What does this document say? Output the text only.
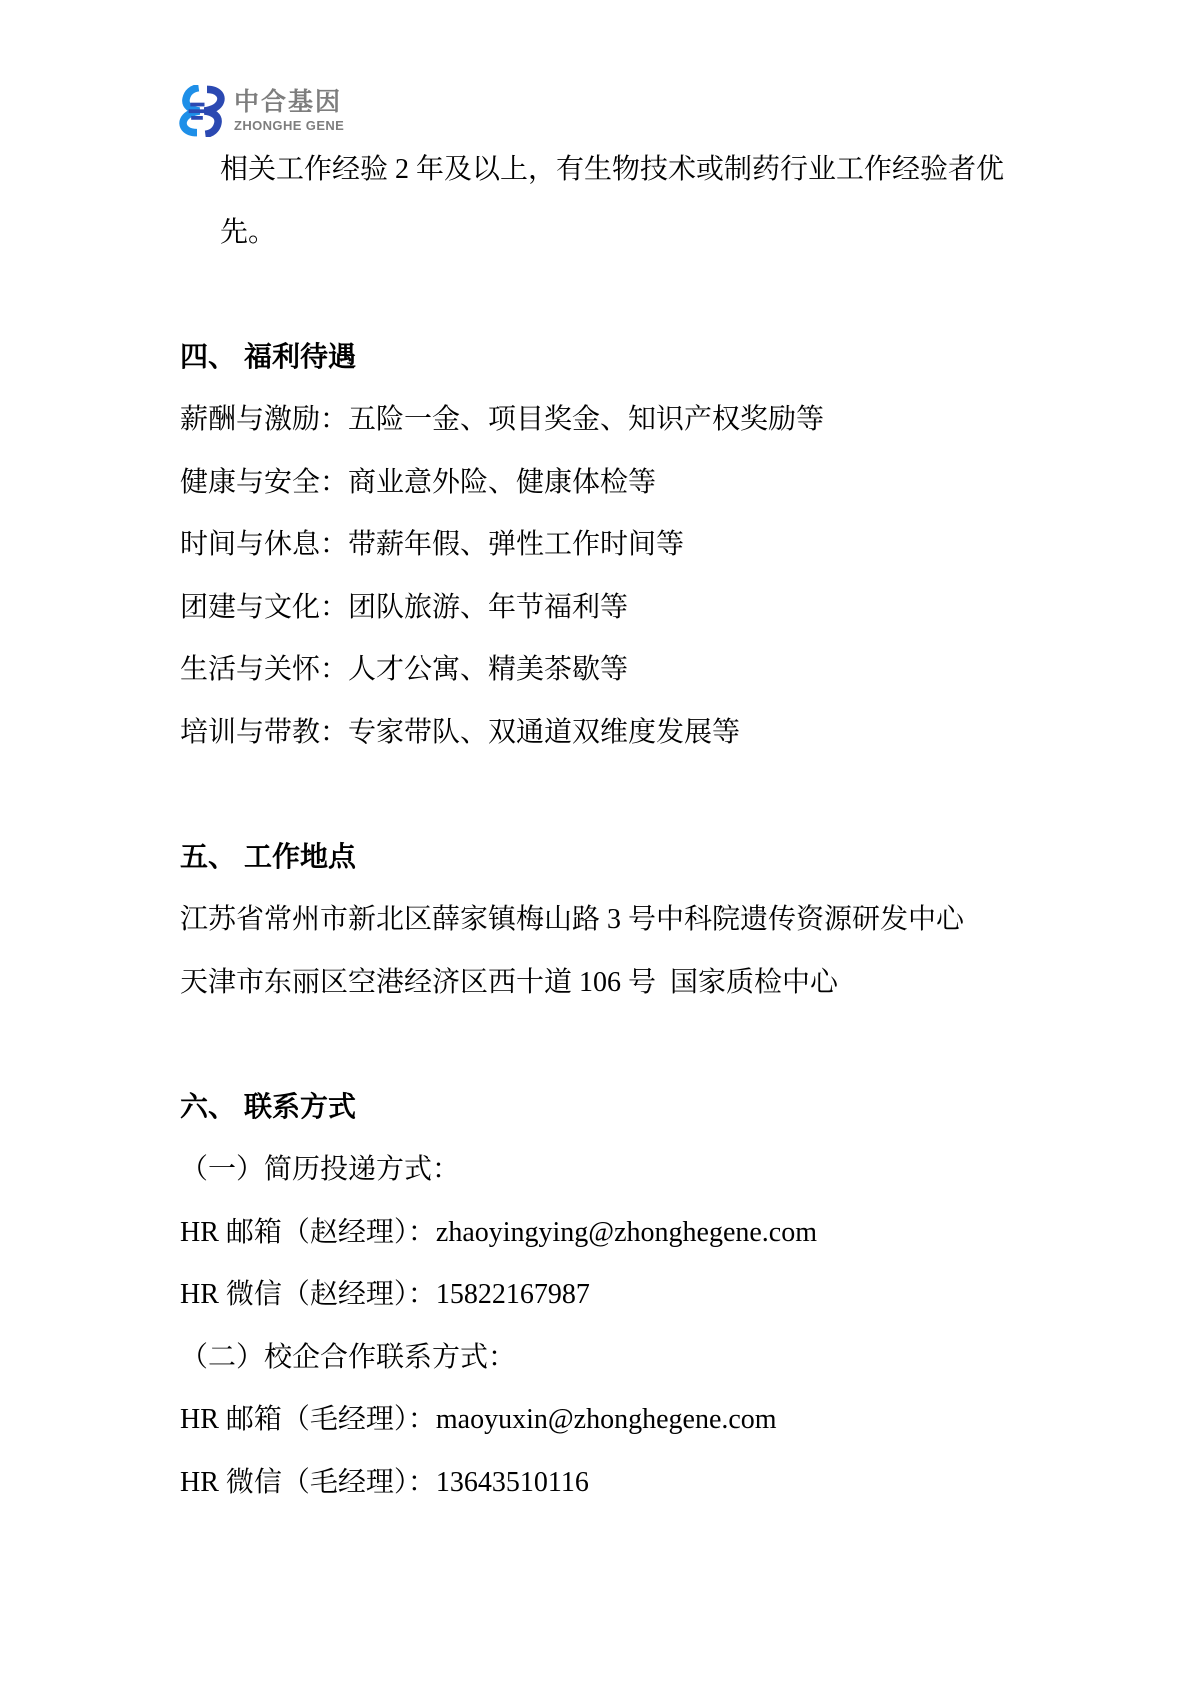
中合基因
ZHONGHE GENE

相关工作经验 2 年及以上，有生物技术或制药行业工作经验者优

先。

四、 福利待遇

薪酬与激励：五险一金、项目奖金、知识产权奖励等

健康与安全：商业意外险、健康体检等

时间与休息：带薪年假、弹性工作时间等

团建与文化：团队旅游、年节福利等

生活与关怀：人才公寓、精美茶歇等

培训与带教：专家带队、双通道双维度发展等

五、 工作地点

江苏省常州市新北区薛家镇梅山路 3 号中科院遗传资源研发中心

天津市东丽区空港经济区西十道 106 号  国家质检中心

六、 联系方式

（一）简历投递方式：

HR 邮箱（赵经理）：zhaoyingying@zhonghegene.com

HR 微信（赵经理）：15822167987

（二）校企合作联系方式：

HR 邮箱（毛经理）：maoyuxin@zhonghegene.com

HR 微信（毛经理）：13643510116
